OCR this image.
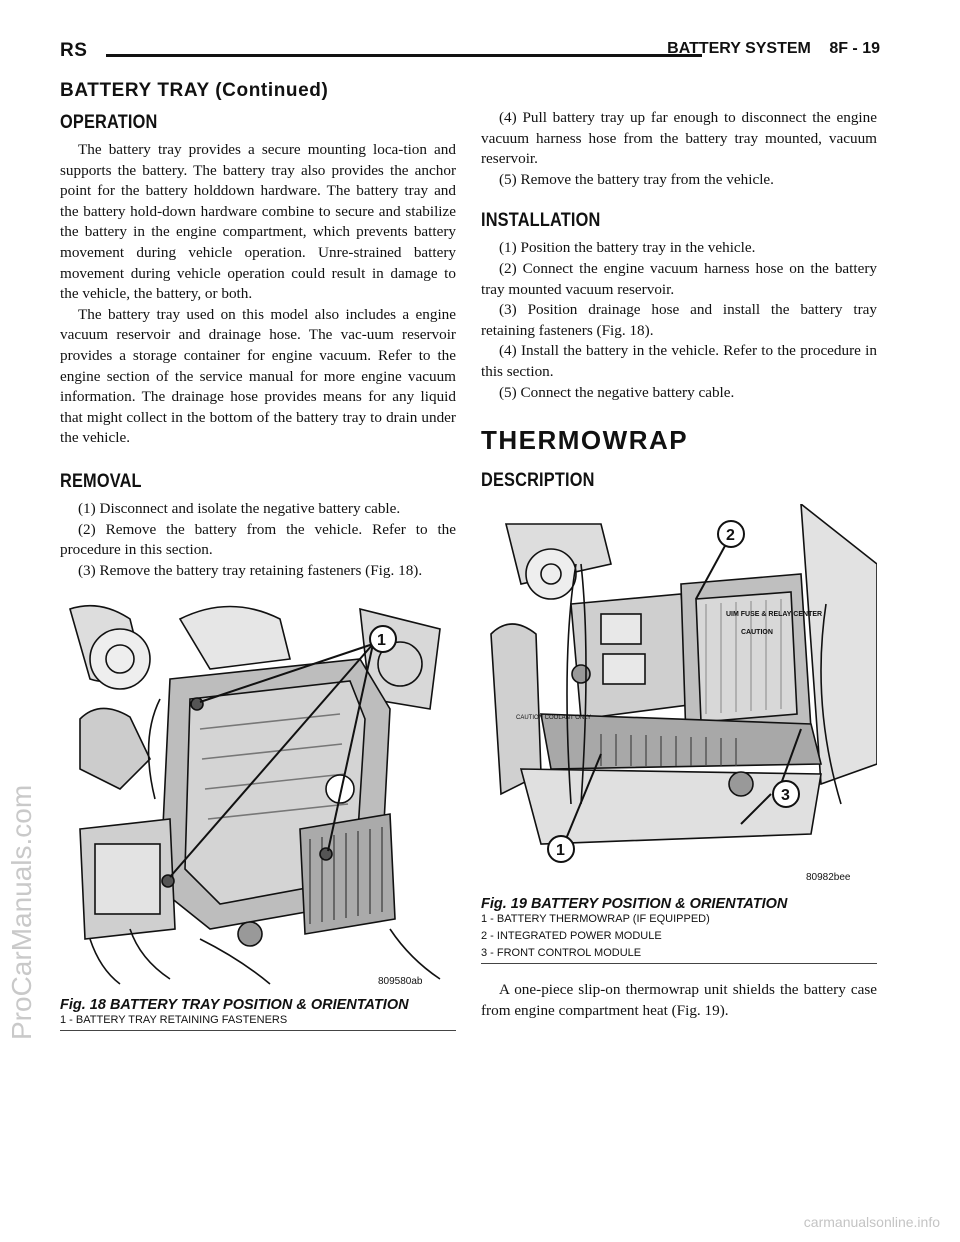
RS	BATTERY SYSTEM 8F - 19
BATTERY TRAY (Continued)
OPERATION

The battery tray provides a secure mounting loca-tion and supports the battery. The battery tray also provides the anchor point for the battery holddown hardware. The battery tray and the battery hold-down hardware combine to secure and stabilize the battery in the engine compartment, which prevents battery movement during vehicle operation. Unre-strained battery movement during vehicle operation could result in damage to the vehicle, the battery, or both.

The battery tray used on this model also includes a engine vacuum reservoir and drainage hose. The vac-uum reservoir provides a storage container for engine vacuum. Refer to the engine section of the service manual for more engine vacuum information. The drainage hose provides means for any liquid that might collect in the bottom of the battery tray to drain under the vehicle.

REMOVAL

(1) Disconnect and isolate the negative battery cable.

(2) Remove the battery from the vehicle. Refer to the procedure in this section.

(3) Remove the battery tray retaining fasteners (Fig. 18).

1
809580ab
Fig. 18 BATTERY TRAY POSITION & ORIENTATION
1 - BATTERY TRAY RETAINING FASTENERS

(4) Pull battery tray up far enough to disconnect the engine vacuum harness hose from the battery tray mounted, vacuum reservoir.

(5) Remove the battery tray from the vehicle.

INSTALLATION

(1) Position the battery tray in the vehicle.

(2) Connect the engine vacuum harness hose on the battery tray mounted vacuum reservoir.

(3) Position drainage hose and install the battery tray retaining fasteners (Fig. 18).

(4) Install the battery in the vehicle. Refer to the procedure in this section.

(5) Connect the negative battery cable.

THERMOWRAP
DESCRIPTION
UIM FUSE & RELAY CENTER
CAUTION
CAUTION COOLANT ONLY
1
2
3
80982bee
Fig. 19 BATTERY POSITION & ORIENTATION
1 - BATTERY THERMOWRAP (IF EQUIPPED)
2 - INTEGRATED POWER MODULE
3 - FRONT CONTROL MODULE

A one-piece slip-on thermowrap unit shields the battery case from engine compartment heat (Fig. 19).

ProCarManuals.com
carmanualsonline.info
